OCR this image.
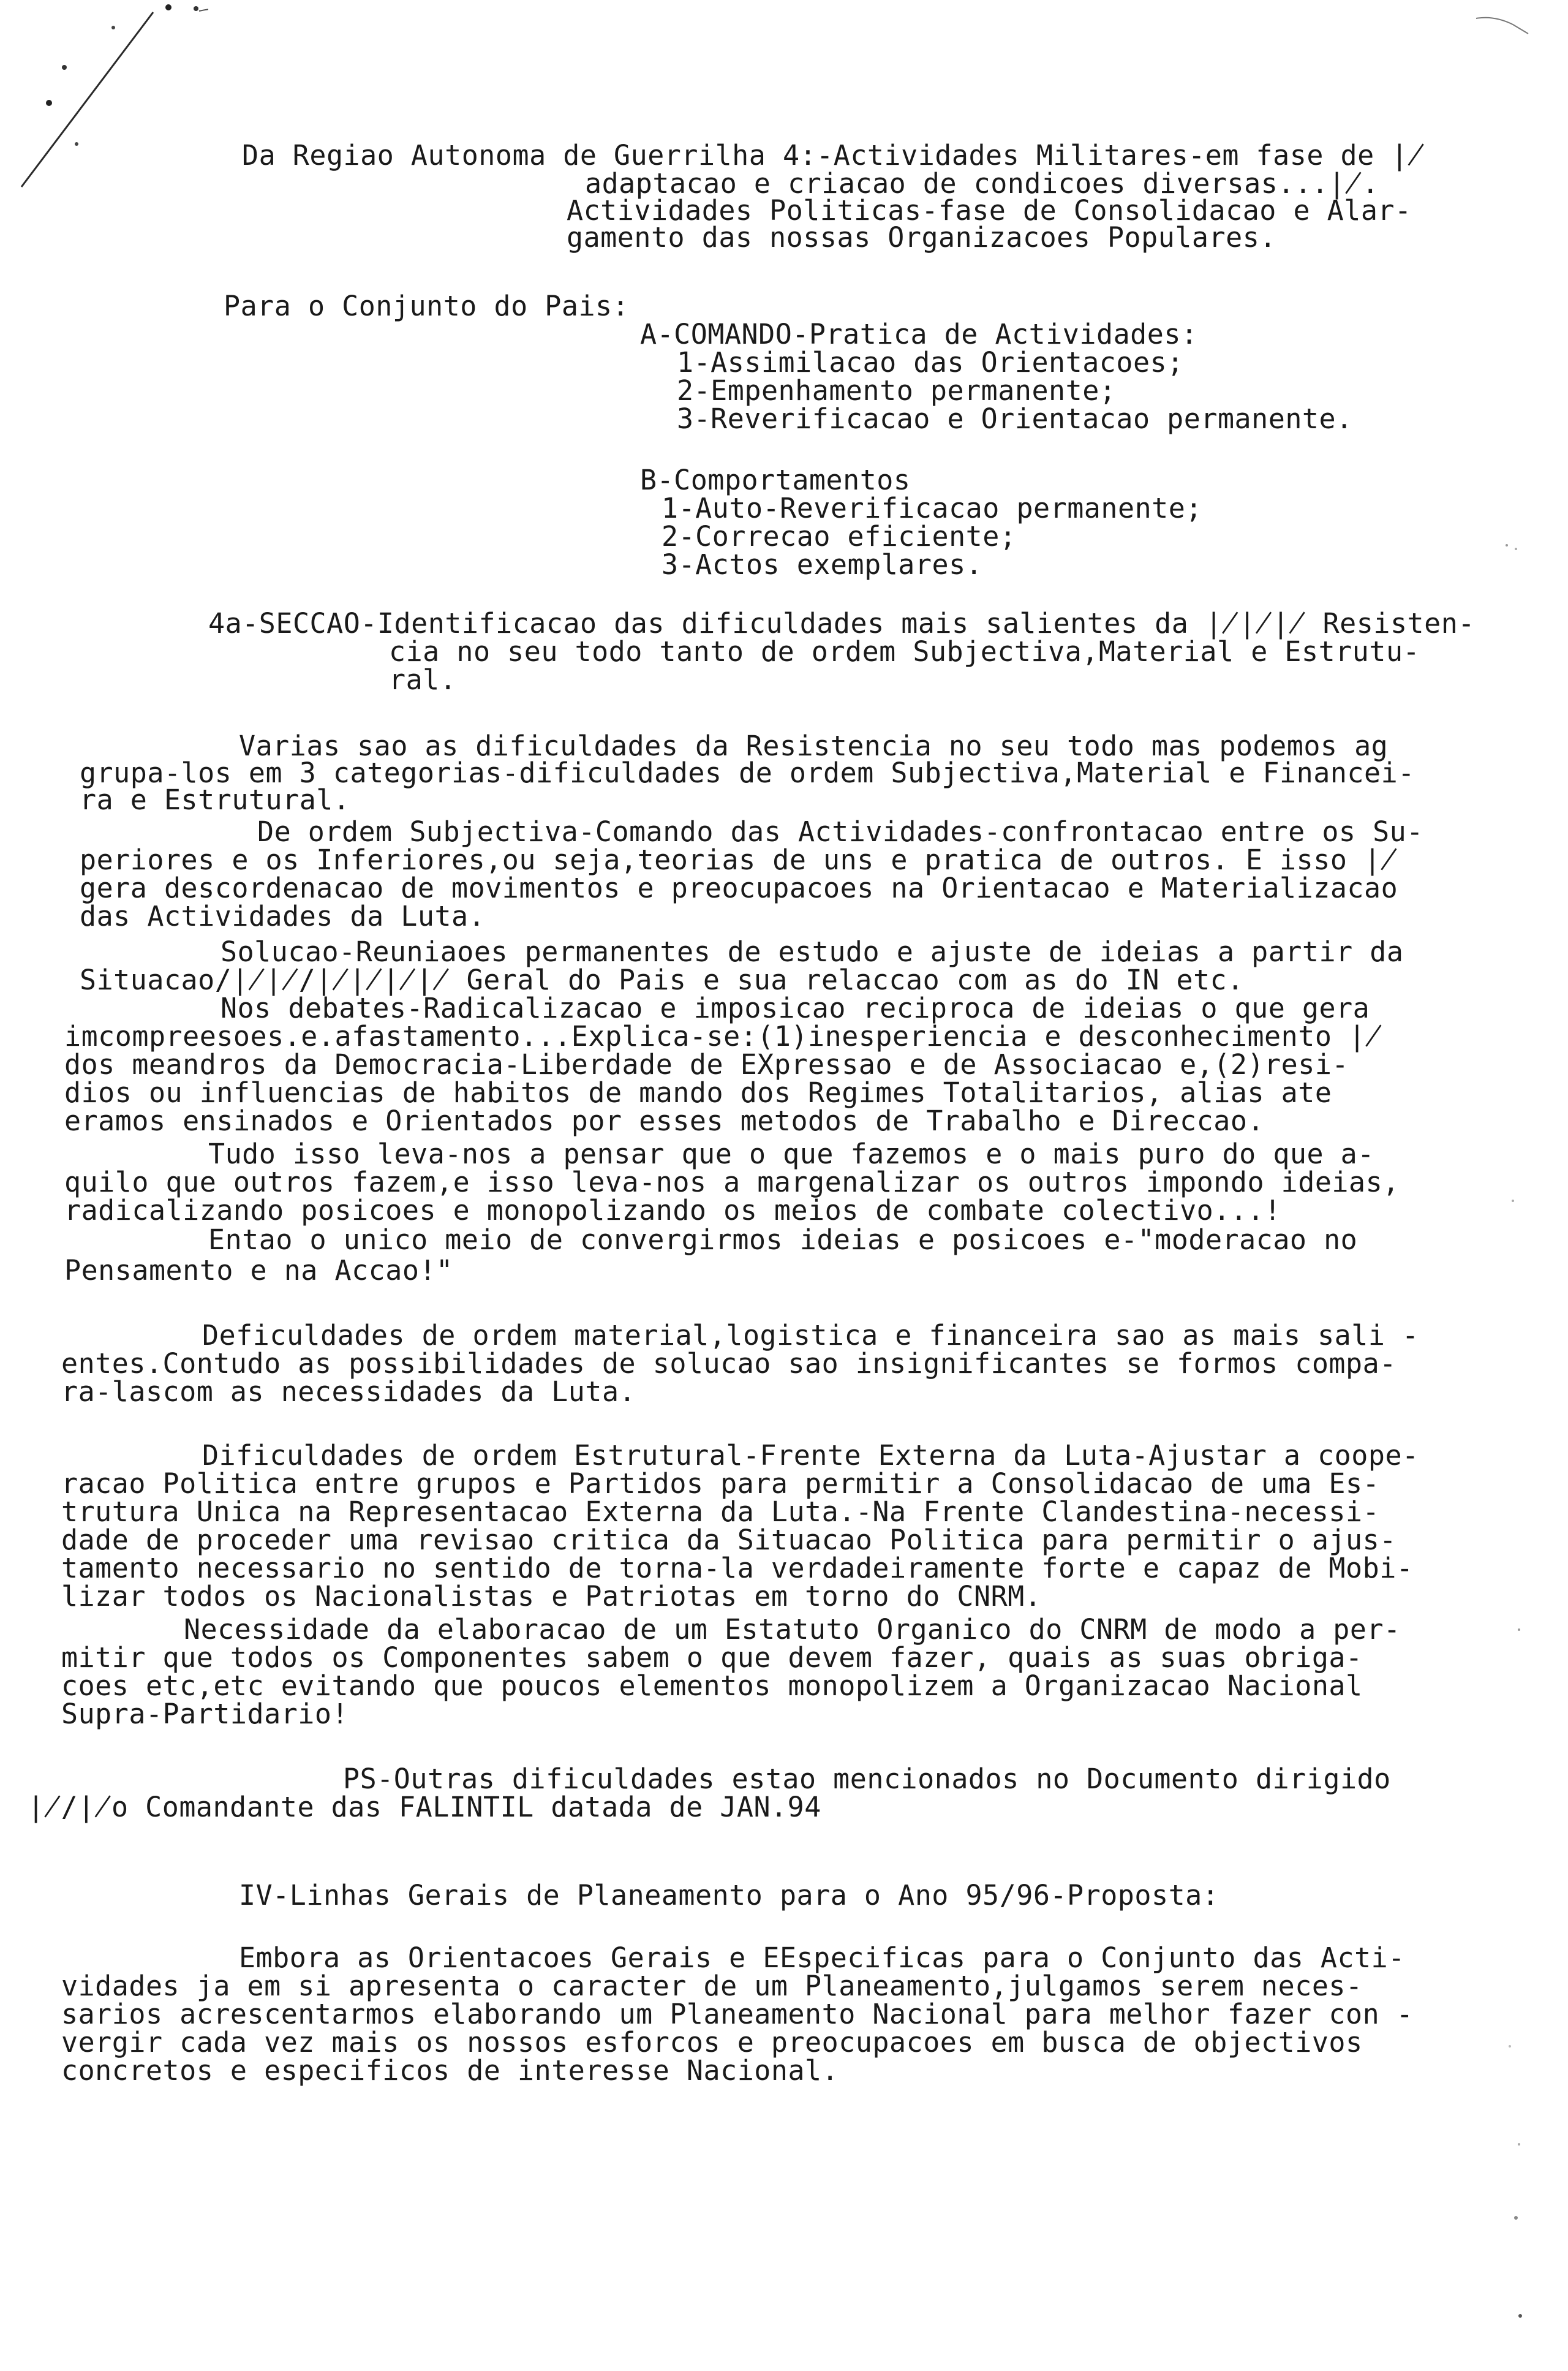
Da Regiao Autonoma de Guerrilha 4:-Actividades Militares-em fase de ∤
adaptacao e criacao de condicoes diversas...∤.
Actividades Politicas-fase de Consolidacao e Alar-
gamento das nossas Organizacoes Populares.
Para o Conjunto do Pais:
A-COMANDO-Pratica de Actividades:
1-Assimilacao das Orientacoes;
2-Empenhamento permanente;
3-Reverificacao e Orientacao permanente.
B-Comportamentos
1-Auto-Reverificacao permanente;
2-Correcao eficiente;
3-Actos exemplares.
4a-SECCAO-Identificacao das dificuldades mais salientes da ∤∤∤ Resisten-
cia no seu todo tanto de ordem Subjectiva,Material e Estrutu-
ral.
Varias sao as dificuldades da Resistencia no seu todo mas podemos ag
grupa-los em 3 categorias-dificuldades de ordem Subjectiva,Material e Financei-
ra e Estrutural.
De ordem Subjectiva-Comando das Actividades-confrontacao entre os Su-
periores e os Inferiores,ou seja,teorias de uns e pratica de outros. E isso ∤
gera descordenacao de movimentos e preocupacoes na Orientacao e Materializacao
das Actividades da Luta.
Solucao-Reuniaoes permanentes de estudo e ajuste de ideias a partir da
Situacao/∤∤/∤∤∤∤ Geral do Pais e sua relaccao com as do IN etc.
Nos debates-Radicalizacao e imposicao reciproca de ideias o que gera
imcompreesoes.e.afastamento...Explica-se:(1)inesperiencia e desconhecimento ∤
dos meandros da Democracia-Liberdade de EXpressao e de Associacao e,(2)resi-
dios ou influencias de habitos de mando dos Regimes Totalitarios, alias ate
eramos ensinados e Orientados por esses metodos de Trabalho e Direccao.
Tudo isso leva-nos a pensar que o que fazemos e o mais puro do que a-
quilo que outros fazem,e isso leva-nos a margenalizar os outros impondo ideias,
radicalizando posicoes e monopolizando os meios de combate colectivo...!
Entao o unico meio de convergirmos ideias e posicoes e-"moderacao no
Pensamento e na Accao!"
Deficuldades de ordem material,logistica e financeira sao as mais sali -
entes.Contudo as possibilidades de solucao sao insignificantes se formos compa-
ra-lascom as necessidades da Luta.
Dificuldades de ordem Estrutural-Frente Externa da Luta-Ajustar a coope-
racao Politica entre grupos e Partidos para permitir a Consolidacao de uma Es-
trutura Unica na Representacao Externa da Luta.-Na Frente Clandestina-necessi-
dade de proceder uma revisao critica da Situacao Politica para permitir o ajus-
tamento necessario no sentido de torna-la verdadeiramente forte e capaz de Mobi-
lizar todos os Nacionalistas e Patriotas em torno do CNRM.
Necessidade da elaboracao de um Estatuto Organico do CNRM de modo a per-
mitir que todos os Componentes sabem o que devem fazer, quais as suas obriga-
coes etc,etc evitando que poucos elementos monopolizem a Organizacao Nacional
Supra-Partidario!
PS-Outras dificuldades estao mencionados no Documento dirigido
∤/∤o Comandante das FALINTIL datada de JAN.94
IV-Linhas Gerais de Planeamento para o Ano 95/96-Proposta:
Embora as Orientacoes Gerais e EEspecificas para o Conjunto das Acti-
vidades ja em si apresenta o caracter de um Planeamento,julgamos serem neces-
sarios acrescentarmos elaborando um Planeamento Nacional para melhor fazer con -
vergir cada vez mais os nossos esforcos e preocupacoes em busca de objectivos
concretos e especificos de interesse Nacional.
